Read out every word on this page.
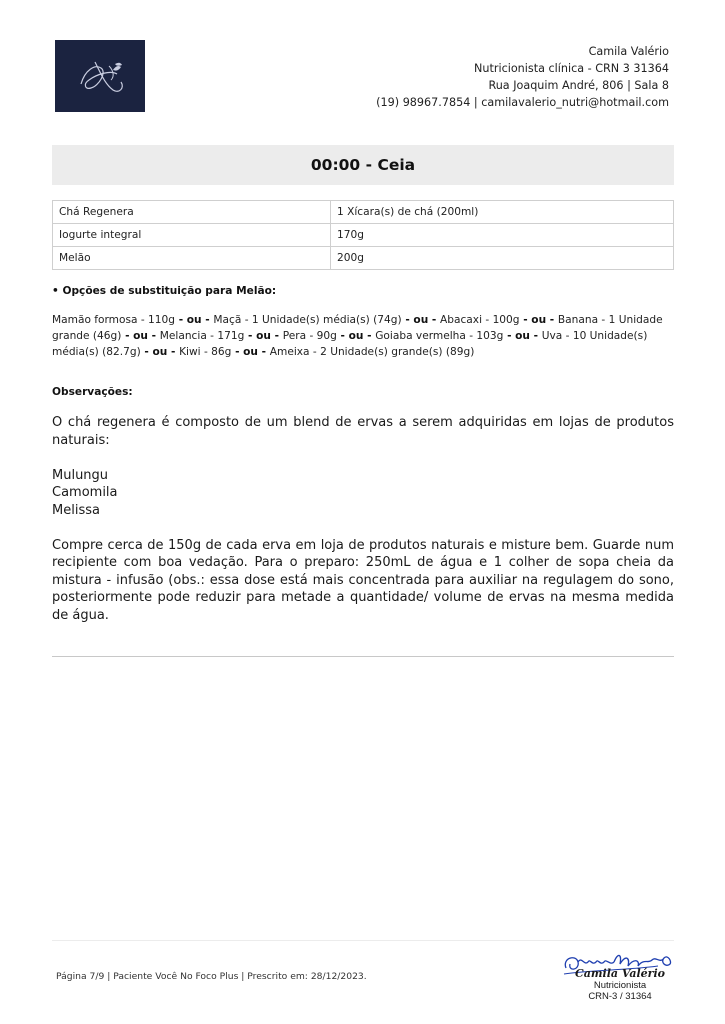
Camila Valério
Nutricionista clínica - CRN 3 31364
Rua Joaquim André, 806 | Sala 8
(19) 98967.7854 | camilavalerio_nutri@hotmail.com
00:00 - Ceia
Chá Regenera	1 Xícara(s) de chá (200ml)
Iogurte integral	170g
Melão	200g
• Opções de substituição para Melão:
Mamão formosa - 110g - ou - Maçã - 1 Unidade(s) média(s) (74g) - ou - Abacaxi - 100g - ou - Banana - 1 Unidade grande (46g) - ou - Melancia - 171g - ou - Pera - 90g - ou - Goiaba vermelha - 103g - ou - Uva - 10 Unidade(s) média(s) (82.7g) - ou - Kiwi - 86g - ou - Ameixa - 2 Unidade(s) grande(s) (89g)
Observações:

O chá regenera é composto de um blend de ervas a serem adquiridas em lojas de produtos naturais:

Mulungu

Camomila

Melissa

Compre cerca de 150g de cada erva em loja de produtos naturais e misture bem. Guarde num recipiente com boa vedação. Para o preparo: 250mL de água e 1 colher de sopa cheia da mistura - infusão (obs.: essa dose está mais concentrada para auxiliar na regulagem do sono, posteriormente pode reduzir para metade a quantidade/ volume de ervas na mesma medida de água.

Página 7/9 | Paciente Você No Foco Plus | Prescrito em: 28/12/2023.	Camila Valério
Nutricionista
CRN-3 / 31364
